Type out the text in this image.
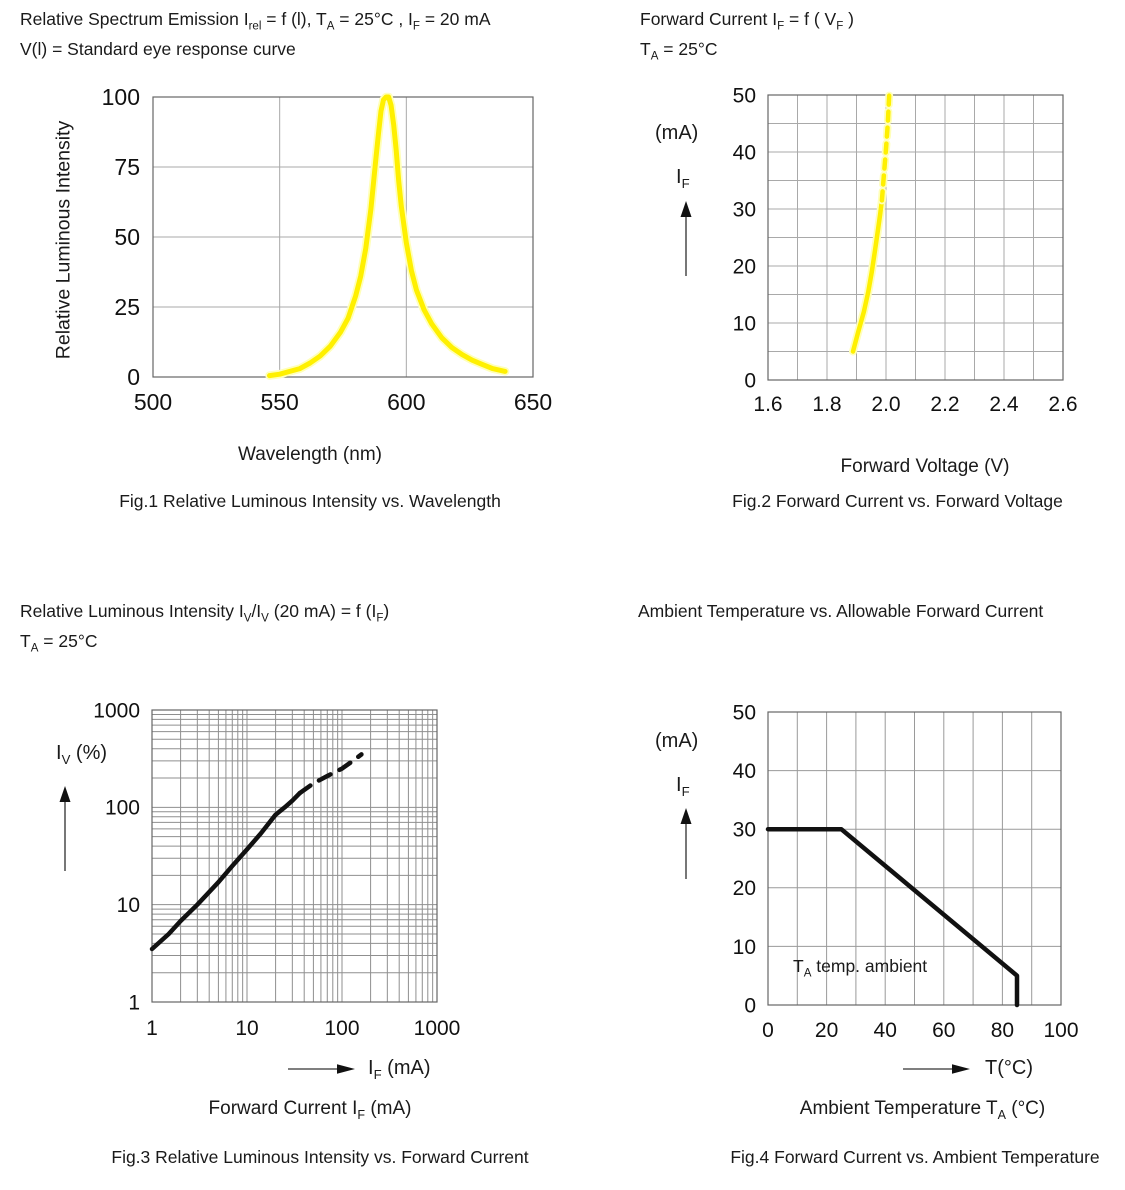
Relative Spectrum Emission $I_{rel} = f$ (l), $T_A = 25^\circ C$ , $I_F = 20$ mA
V(l) = Standard eye response curve
Relative Luminous Intensity
500	550	600	650
0
25
50
75
100
Wavelength (nm)
Fig.1 Relative Luminous Intensity vs. Wavelength
Forward Current $I_F = f$ ( $V_F$ )
$T_A = 25^\circ C$
(mA)
$I_F$
1.6 1.8 2.0 2.2 2.4 2.6
0
10
20
30
40
50
Forward Voltage (V)
Fig.2 Forward Current vs. Forward Voltage
Relative Luminous Intensity $I_V/I_V$ (20 mA) = f $(I_F)$
$T_A = 25^\circ C$
$I_V$ (%)
1	10	100	1000
1
10
100
1000
$I_F$ (mA)
Forward Current $I_F$ (mA)
Fig.3 Relative Luminous Intensity vs. Forward Current
Ambient Temperature vs. Allowable Forward Current
(mA)
$I_F$
0 20 40 60 80 100
0
10
20
30
40
50
$T_A$ temp. ambient
T(°C)
Ambient Temperature $T_A$ (°C)
Fig.4 Forward Current vs. Ambient Temperature
